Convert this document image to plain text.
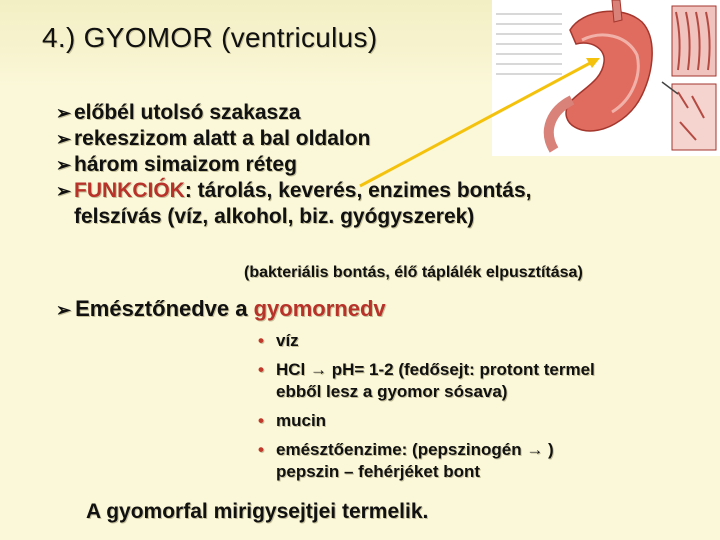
4.) GYOMOR (ventriculus)
➢ előbél utolsó szakasza
➢ rekeszizom alatt a bal oldalon
➢ három simaizom réteg
➢ FUNKCIÓK: tárolás, keverés, enzimes bontás,
felszívás (víz, alkohol, biz. gyógyszerek)
(bakteriális bontás, élő táplálék elpusztítása)
➢ Emésztőnedve a gyomornedv
• víz
• HCl → pH= 1-2 (fedősejt: protont termel
ebből lesz a gyomor sósava)
• mucin
• emésztőenzime: (pepszinogén → )
pepszin – fehérjéket bont
A gyomorfal mirigysejtjei termelik.
